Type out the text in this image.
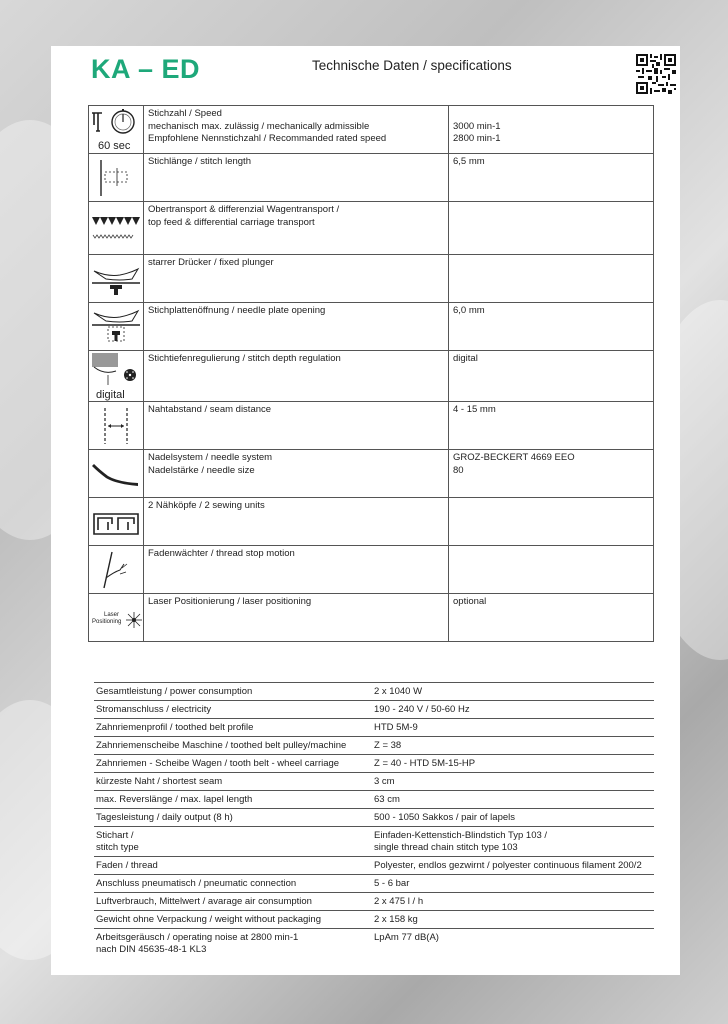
KA – ED	Technische Daten / specifications
60 sec	Stichzahl / Speed
mechanisch max. zulässig / mechanically admissible
Empfohlene Nennstichzahl / Recommanded rated speed	3000 min-1
2800 min-1

	Stichlänge / stitch length	6,5 mm

Obertransport & differenzial Wagentransport /
top feed & differential carriage transport	

	starrer Drücker / fixed plunger	

	Stichplattenöffnung / needle plate opening	6,0 mm

digital	Stichtiefenregulierung / stitch depth regulation	digital

	Nahtabstand / seam distance	4 - 15 mm

Nadelsystem / needle system
Nadelstärke / needle size	GROZ-BECKERT 4669 EEO
80

	2 Nähköpfe / 2 sewing units	

	Fadenwächter / thread stop motion	

Laser
Positioning	Laser Positionierung / laser positioning	optional
Gesamtleistung / power consumption	2 x 1040 W
Stromanschluss / electricity	190 - 240 V / 50-60 Hz
Zahnriemenprofil / toothed belt profile	HTD 5M-9
Zahnriemenscheibe Maschine / toothed belt pulley/machine	Z = 38
Zahnriemen - Scheibe Wagen / tooth belt - wheel carriage	Z = 40 - HTD 5M-15-HP
kürzeste Naht / shortest seam	3 cm
max. Reverslänge / max. lapel length	63 cm
Tagesleistung / daily output (8 h)	500 - 1050 Sakkos / pair of lapels

Stichart /
stitch type	Einfaden-Kettenstich-Blindstich Typ 103 /
single thread chain stitch type 103

Faden / thread	Polyester, endlos gezwirnt / polyester continuous filament 200/2
Anschluss pneumatisch / pneumatic connection	5 - 6 bar
Luftverbrauch, Mittelwert / avarage air consumption	2 x 475 l / h
Gewicht ohne Verpackung / weight without packaging	2 x 158 kg

Arbeitsgeräusch / operating noise at 2800 min-1
nach DIN 45635-48-1 KL3	LpAm 77 dB(A)
